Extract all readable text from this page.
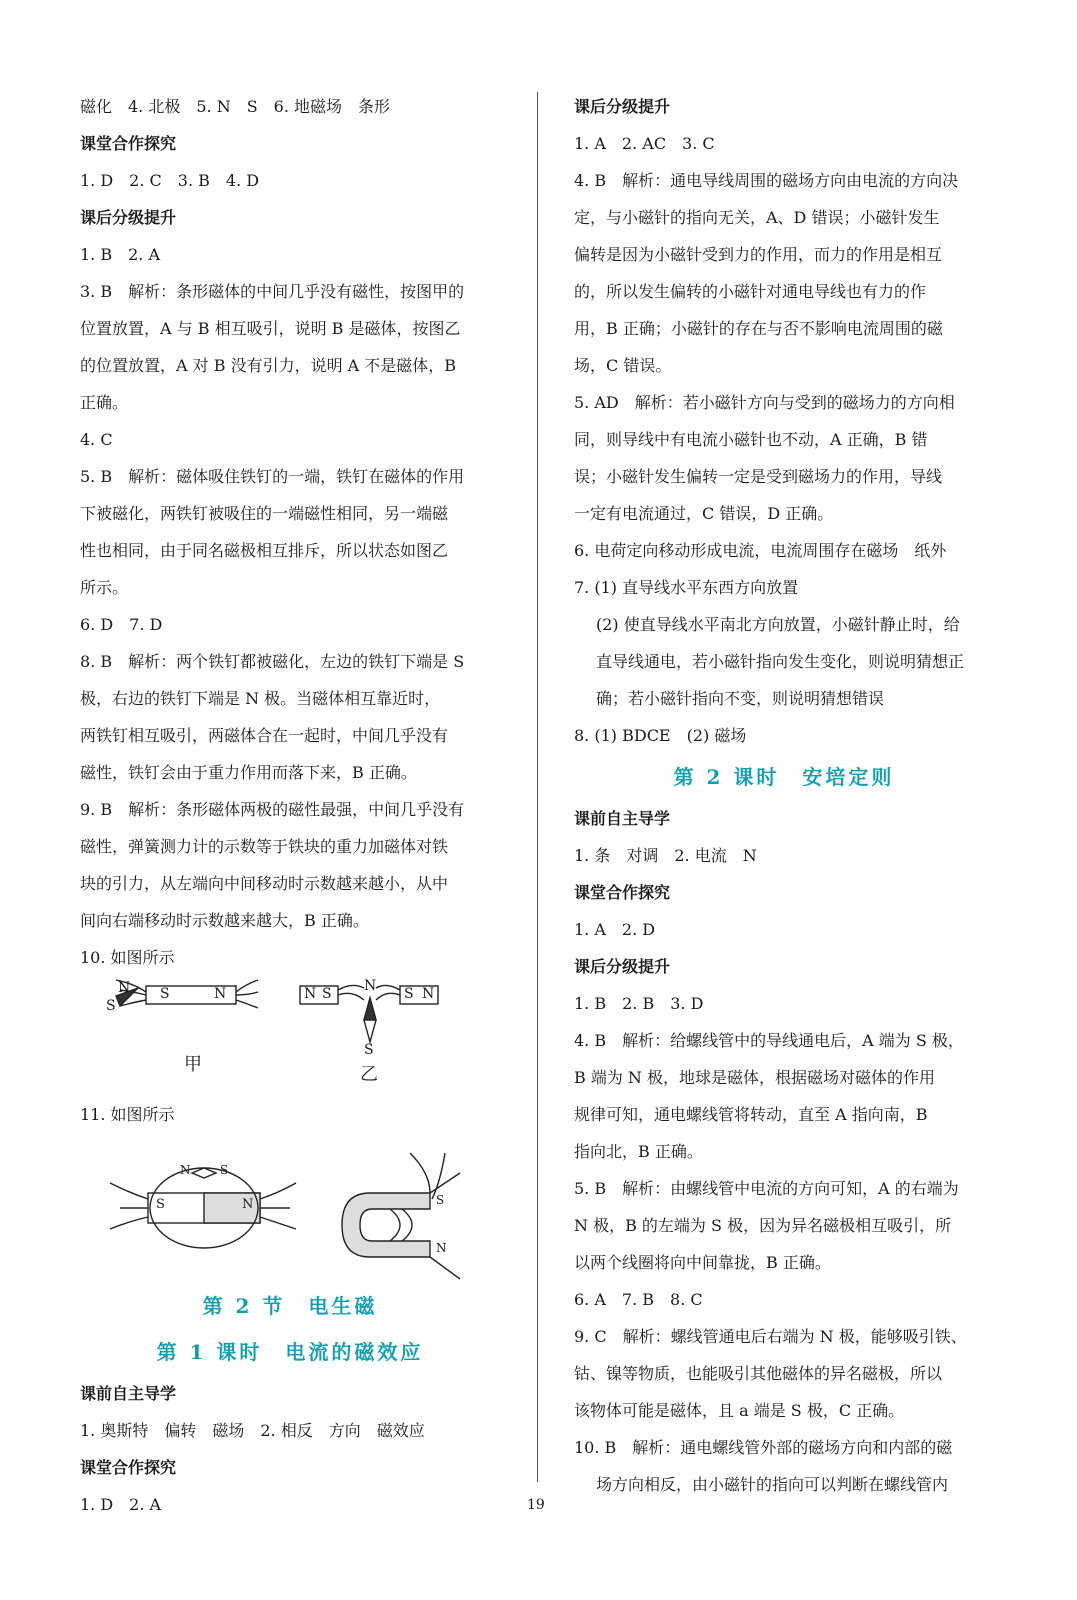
磁化　4. 北极　5. N　S　6. 地磁场　条形
课堂合作探究
1. D　2. C　3. B　4. D
课后分级提升
1. B　2. A
3. B　解析：条形磁体的中间几乎没有磁性，按图甲的
位置放置，A 与 B 相互吸引，说明 B 是磁体，按图乙
的位置放置，A 对 B 没有引力，说明 A 不是磁体，B
正确。
4. C
5. B　解析：磁体吸住铁钉的一端，铁钉在磁体的作用
下被磁化，两铁钉被吸住的一端磁性相同，另一端磁
性也相同，由于同名磁极相互排斥，所以状态如图乙
所示。
6. D　7. D
8. B　解析：两个铁钉都被磁化，左边的铁钉下端是 S
极，右边的铁钉下端是 N 极。当磁体相互靠近时，
两铁钉相互吸引，两磁体合在一起时，中间几乎没有
磁性，铁钉会由于重力作用而落下来，B 正确。
9. B　解析：条形磁体两极的磁性最强，中间几乎没有
磁性，弹簧测力计的示数等于铁块的重力加磁体对铁
块的引力，从左端向中间移动时示数越来越小，从中
间向右端移动时示数越来越大，B 正确。
10. 如图所示
N
S
S	N	N S	S N
N
S
甲	乙
11. 如图所示
S	N
N S
S
N
第 2 节　电生磁
第 1 课时　电流的磁效应
课前自主导学
1. 奥斯特　偏转　磁场　2. 相反　方向　磁效应
课堂合作探究
1. D　2. A
课后分级提升
1. A　2. AC　3. C
4. B　解析：通电导线周围的磁场方向由电流的方向决
定，与小磁针的指向无关，A、D 错误；小磁针发生
偏转是因为小磁针受到力的作用，而力的作用是相互
的，所以发生偏转的小磁针对通电导线也有力的作
用，B 正确；小磁针的存在与否不影响电流周围的磁
场，C 错误。
5. AD　解析：若小磁针方向与受到的磁场力的方向相
同，则导线中有电流小磁针也不动，A 正确，B 错
误；小磁针发生偏转一定是受到磁场力的作用，导线
一定有电流通过，C 错误，D 正确。
6. 电荷定向移动形成电流，电流周围存在磁场　纸外
7. (1) 直导线水平东西方向放置
(2) 使直导线水平南北方向放置，小磁针静止时，给
直导线通电，若小磁针指向发生变化，则说明猜想正
确；若小磁针指向不变，则说明猜想错误
8. (1) BDCE　(2) 磁场
第 2 课时　安培定则
课前自主导学
1. 条　对调　2. 电流　N
课堂合作探究
1. A　2. D
课后分级提升
1. B　2. B　3. D
4. B　解析：给螺线管中的导线通电后，A 端为 S 极，
B 端为 N 极，地球是磁体，根据磁场对磁体的作用
规律可知，通电螺线管将转动，直至 A 指向南，B
指向北，B 正确。
5. B　解析：由螺线管中电流的方向可知，A 的右端为
N 极，B 的左端为 S 极，因为异名磁极相互吸引，所
以两个线圈将向中间靠拢，B 正确。
6. A　7. B　8. C
9. C　解析：螺线管通电后右端为 N 极，能够吸引铁、
钴、镍等物质，也能吸引其他磁体的异名磁极，所以
该物体可能是磁体，且 a 端是 S 极，C 正确。
10. B　解析：通电螺线管外部的磁场方向和内部的磁
场方向相反，由小磁针的指向可以判断在螺线管内
19
